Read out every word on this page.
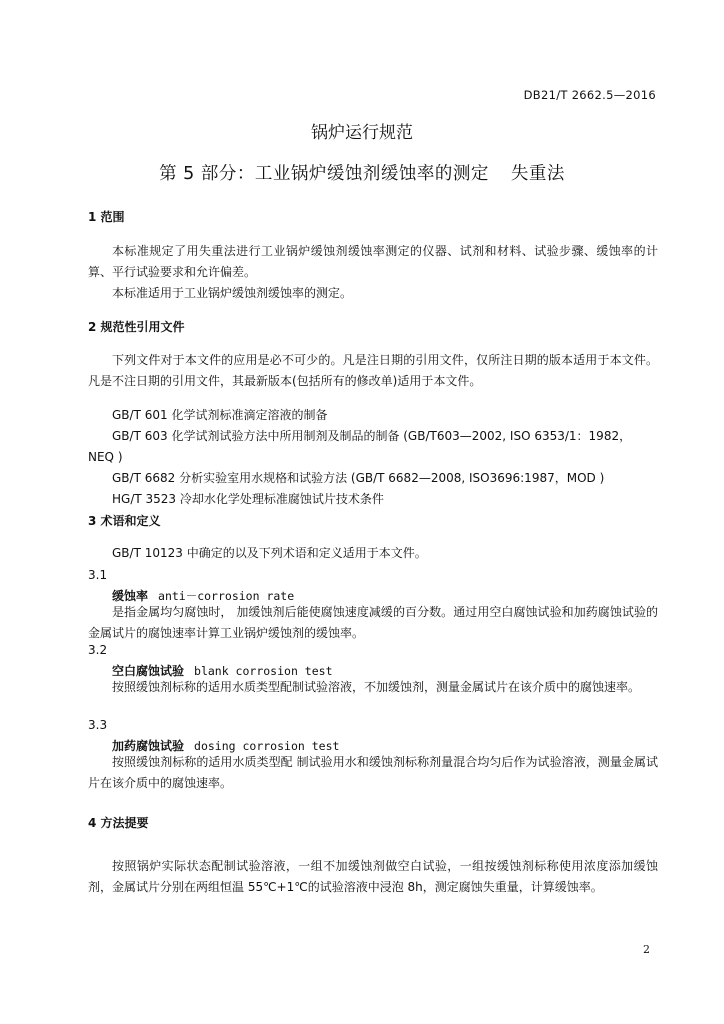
DB21/T 2662.5—2016
锅炉运行规范
第 5 部分：工业锅炉缓蚀剂缓蚀率的测定 失重法
1 范围
本标准规定了用失重法进行工业锅炉缓蚀剂缓蚀率测定的仪器、试剂和材料、试验步骤、缓蚀率的计算、平行试验要求和允许偏差。
本标准适用于工业锅炉缓蚀剂缓蚀率的测定。
2 规范性引用文件
下列文件对于本文件的应用是必不可少的。凡是注日期的引用文件，仅所注日期的版本适用于本文件。凡是不注日期的引用文件，其最新版本(包括所有的修改单)适用于本文件。
GB/T 601 化学试剂标准滴定溶液的制备
GB/T 603 化学试剂试验方法中所用制剂及制品的制备 (GB/T603—2002, ISO 6353/1：1982，
NEQ )
GB/T 6682 分析实验室用水规格和试验方法 (GB/T 6682—2008, ISO3696:1987，MOD )
HG/T 3523 冷却水化学处理标准腐蚀试片技术条件
3 术语和定义
GB/T 10123 中确定的以及下列术语和定义适用于本文件。
3.1
缓蚀率 anti－corrosion rate
是指金属均匀腐蚀时， 加缓蚀剂后能使腐蚀速度减缓的百分数。通过用空白腐蚀试验和加药腐蚀试验的金属试片的腐蚀速率计算工业锅炉缓蚀剂的缓蚀率。
3.2
空白腐蚀试验 blank corrosion test
按照缓蚀剂标称的适用水质类型配制试验溶液，不加缓蚀剂，测量金属试片在该介质中的腐蚀速率。
3.3
加药腐蚀试验 dosing corrosion test
按照缓蚀剂标称的适用水质类型配 制试验用水和缓蚀剂标称剂量混合均匀后作为试验溶液，测量金属试片在该介质中的腐蚀速率。
4 方法提要
按照锅炉实际状态配制试验溶液，一组不加缓蚀剂做空白试验，一组按缓蚀剂标称使用浓度添加缓蚀剂，金属试片分别在两组恒温 55℃+1℃的试验溶液中浸泡 8h，测定腐蚀失重量，计算缓蚀率。
2
